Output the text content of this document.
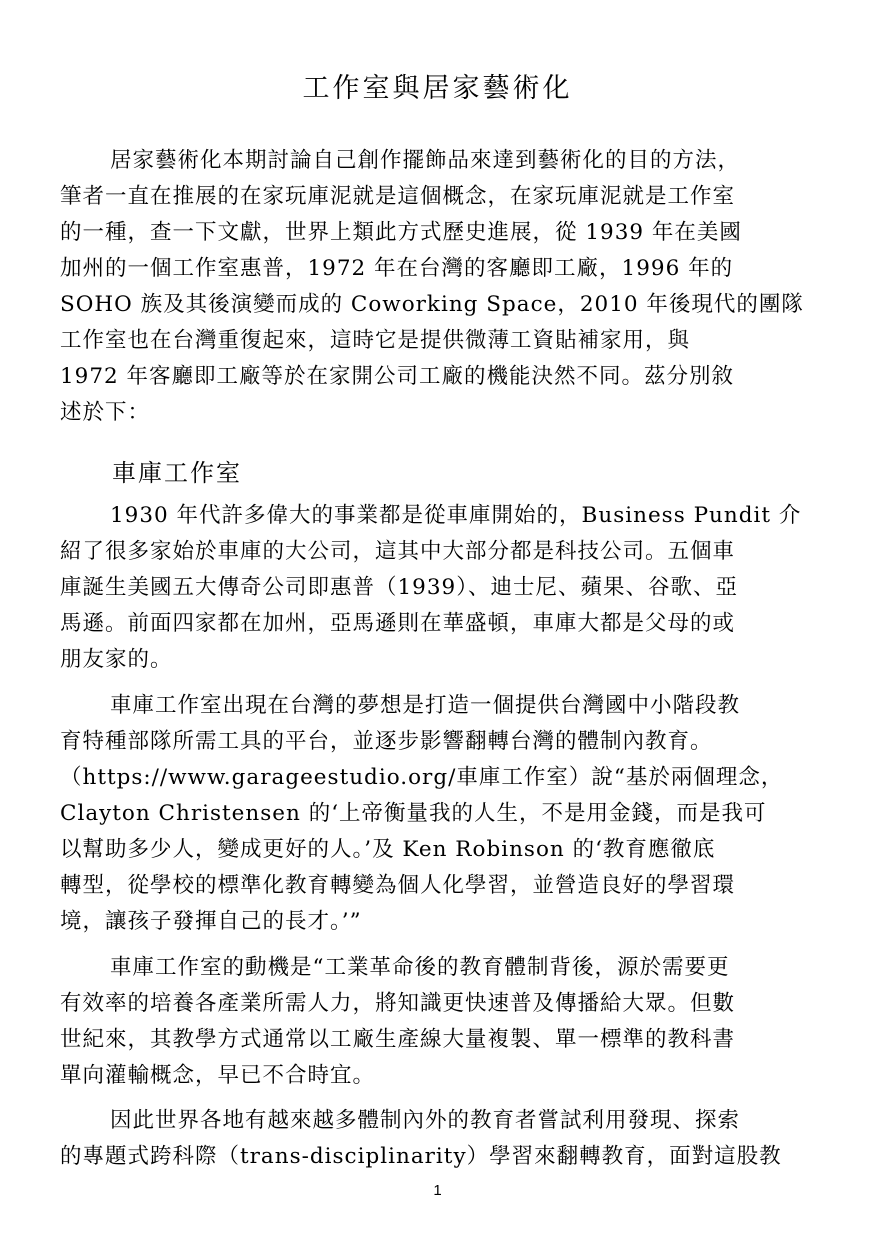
工作室與居家藝術化
居家藝術化本期討論自己創作擺飾品來達到藝術化的目的方法，
筆者一直在推展的在家玩庫泥就是這個概念，在家玩庫泥就是工作室
的一種，查一下文獻，世界上類此方式歷史進展，從 1939 年在美國
加州的一個工作室惠普，1972 年在台灣的客廳即工廠，1996 年的
SOHO 族及其後演變而成的 Coworking Space，2010 年後現代的團隊
工作室也在台灣重復起來，這時它是提供微薄工資貼補家用，與
1972 年客廳即工廠等於在家開公司工廠的機能決然不同。茲分別敘
述於下：
車庫工作室
1930 年代許多偉大的事業都是從車庫開始的，Business Pundit 介
紹了很多家始於車庫的大公司，這其中大部分都是科技公司。五個車
庫誕生美國五大傳奇公司即惠普（1939）、迪士尼、蘋果、谷歌、亞
馬遜。前面四家都在加州，亞馬遜則在華盛頓，車庫大都是父母的或
朋友家的。
車庫工作室出現在台灣的夢想是打造一個提供台灣國中小階段教
育特種部隊所需工具的平台，並逐步影響翻轉台灣的體制內教育。
（https://www.garageestudio.org/車庫工作室）說“基於兩個理念，
Clayton Christensen 的‘上帝衡量我的人生，不是用金錢，而是我可
以幫助多少人，變成更好的人。’及 Ken Robinson 的‘教育應徹底
轉型，從學校的標準化教育轉變為個人化學習，並營造良好的學習環
境，讓孩子發揮自己的長才。’”
車庫工作室的動機是“工業革命後的教育體制背後，源於需要更
有效率的培養各產業所需人力，將知識更快速普及傳播給大眾。但數
世紀來，其教學方式通常以工廠生產線大量複製、單一標準的教科書
單向灌輸概念，早已不合時宜。
因此世界各地有越來越多體制內外的教育者嘗試利用發現、探索
的專題式跨科際（trans-disciplinarity）學習來翻轉教育，面對這股教
1
